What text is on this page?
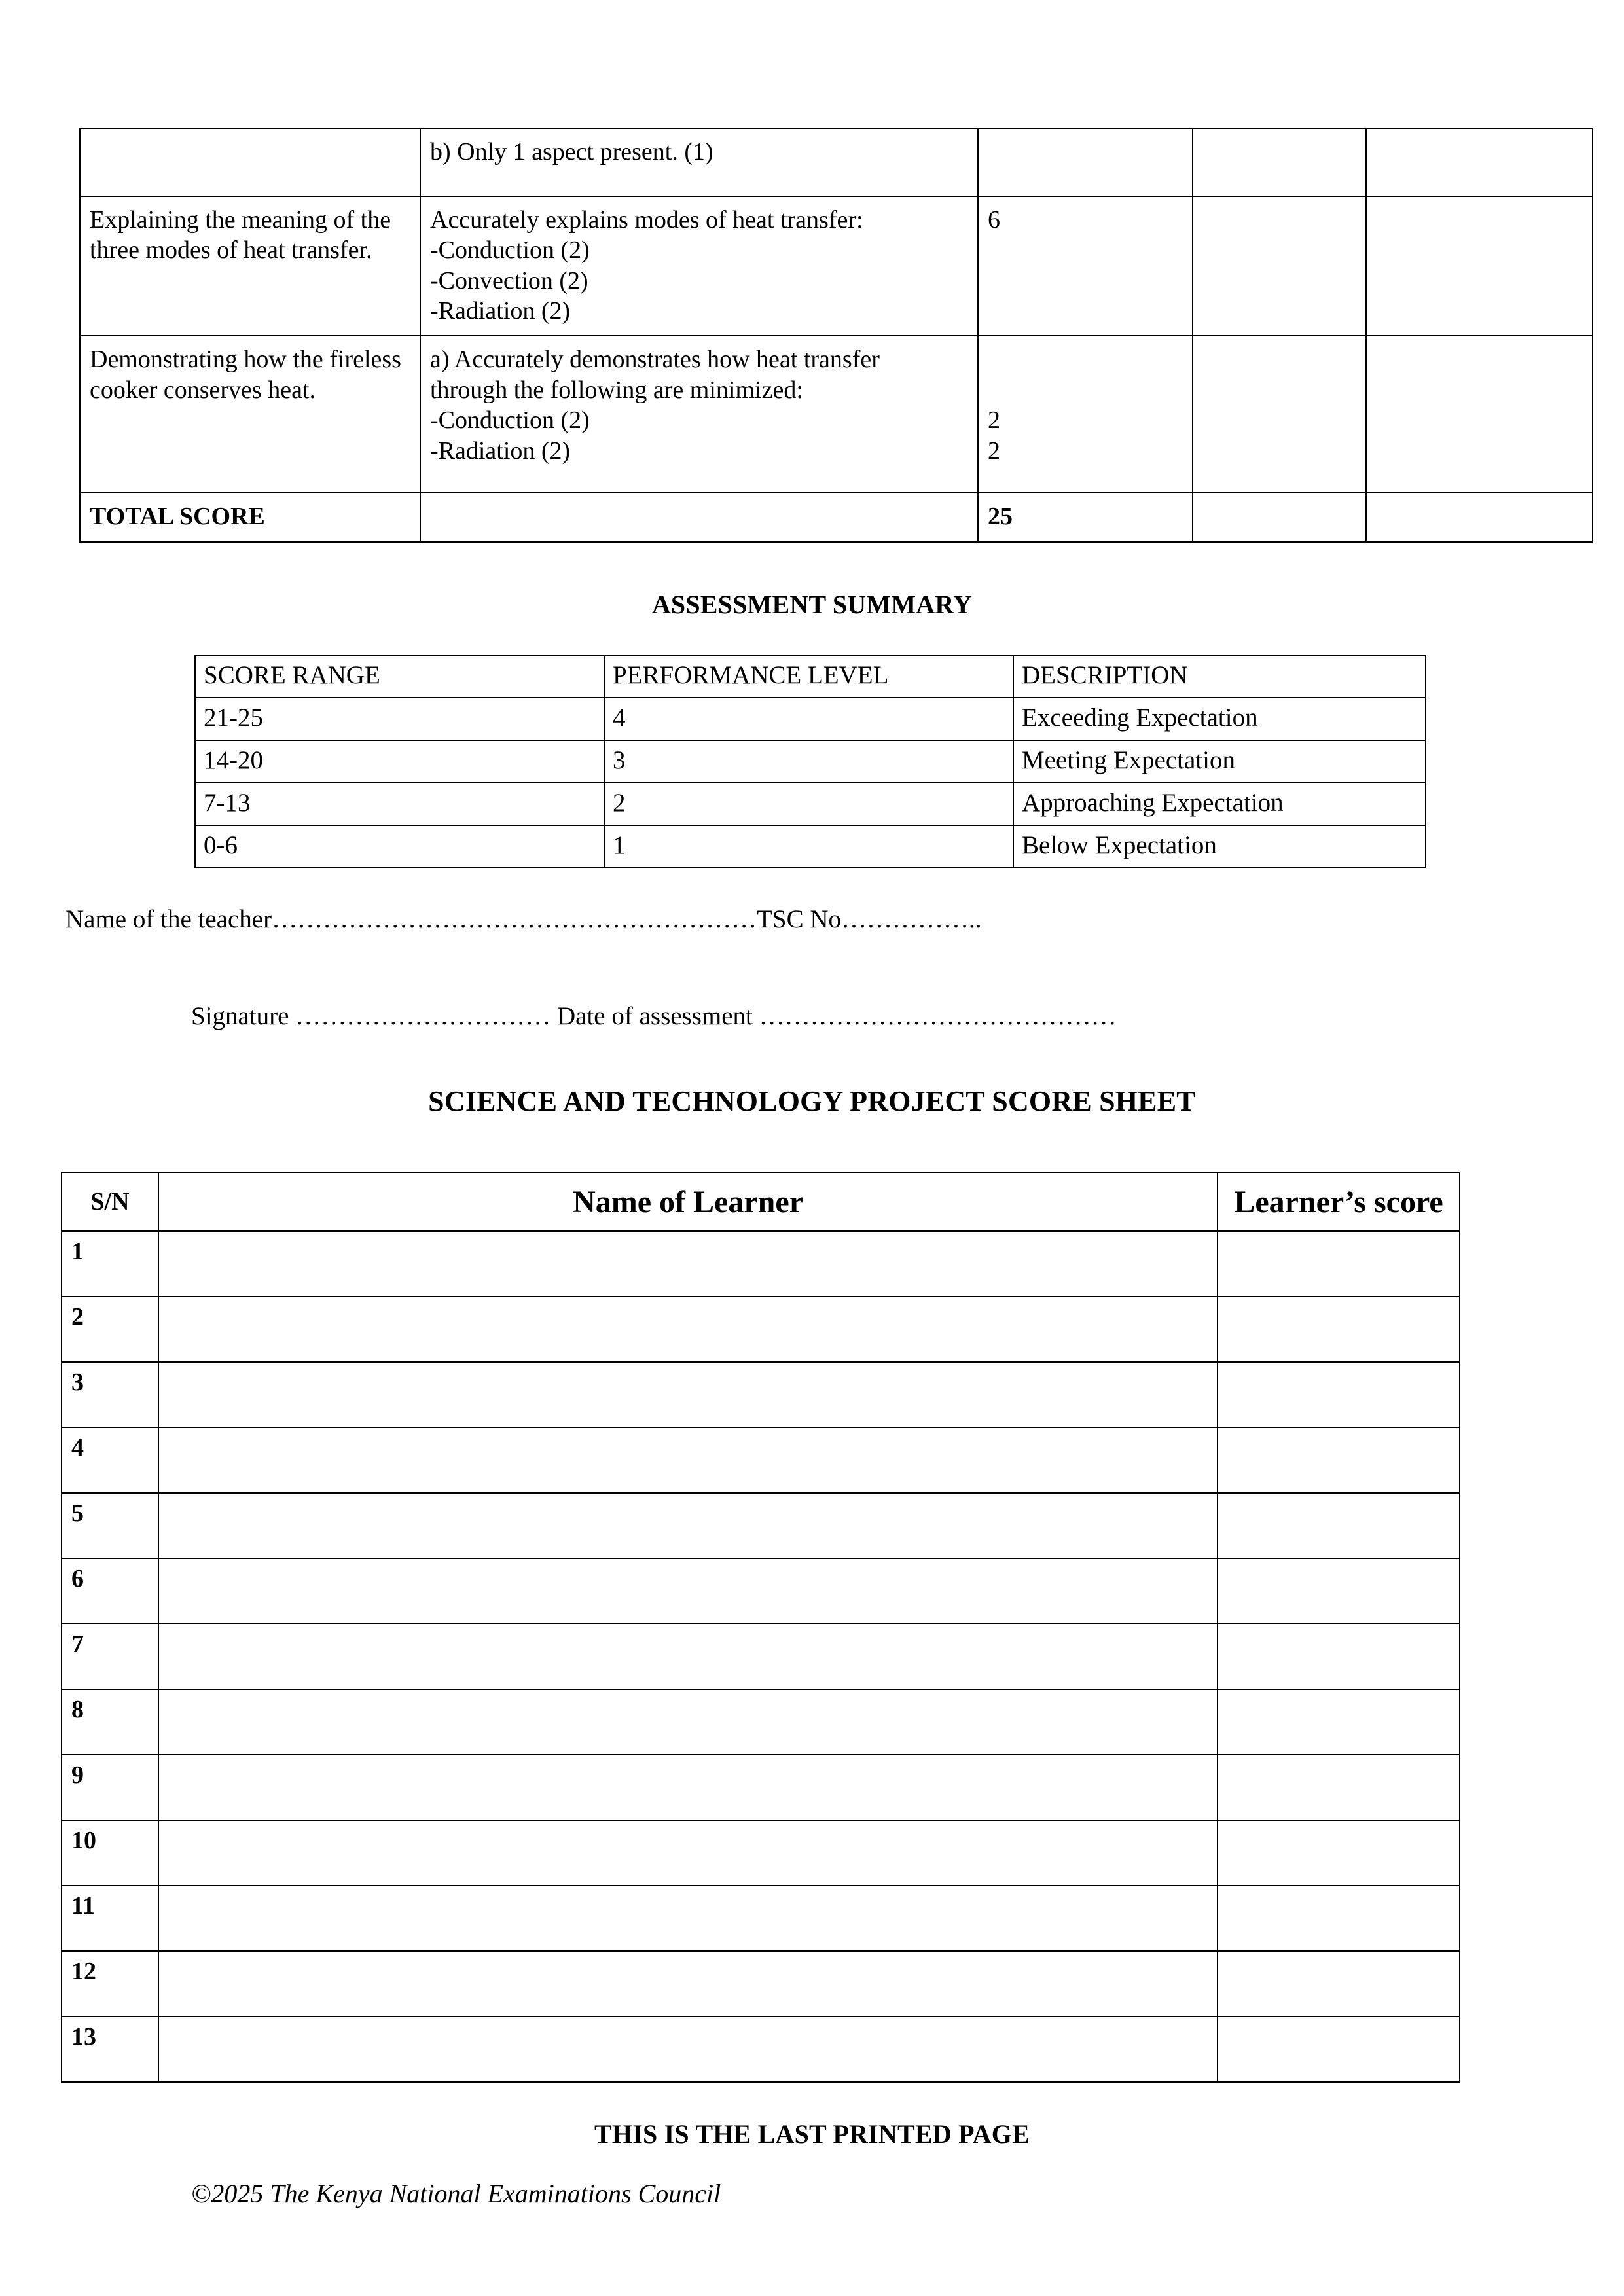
	b) Only 1 aspect present. (1)			

Explaining the meaning of the three modes of heat transfer.	Accurately explains modes of heat transfer:
-Conduction (2)
-Convection (2)
-Radiation (2)	6		

Demonstrating how the fireless cooker conserves heat.	a) Accurately demonstrates how heat transfer
through the following are minimized:
-Conduction (2)
-Radiation (2)	2
2		

TOTAL SCORE		25		
ASSESSMENT SUMMARY
SCORE RANGE	PERFORMANCE LEVEL	DESCRIPTION
21-25	4	Exceeding Expectation
14-20	3	Meeting Expectation
7-13	2	Approaching Expectation
0-6	1	Below Expectation
Name of the teacher…………………………………………………TSC No……………..
Signature ………………………… Date of assessment ……………………………………
SCIENCE AND TECHNOLOGY PROJECT SCORE SHEET
S/N	Name of Learner	Learner’s score
1		
2		
3		
4		
5		
6		
7		
8		
9		
10		
11		
12		
13		
THIS IS THE LAST PRINTED PAGE
©2025 The Kenya National Examinations Council
